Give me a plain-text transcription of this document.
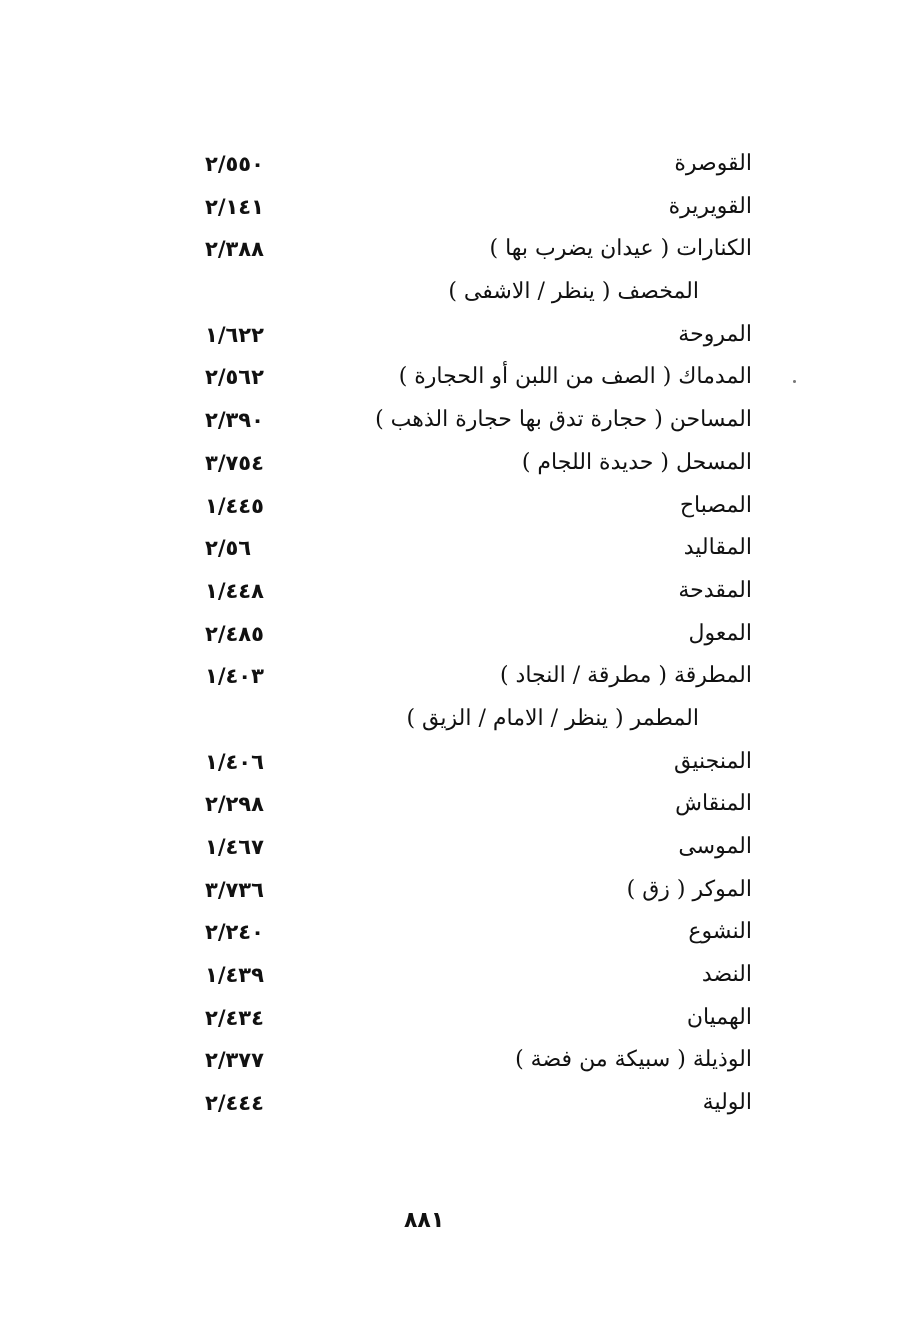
القوصرة
٢/٥٥٠
القويريرة
٢/١٤١
الكنارات ( عيدان يضرب بها )
٢/٣٨٨
المخصف ( ينظر / الاشفى )
المروحة
١/٦٢٢
المدماك ( الصف من اللبن أو الحجارة )
٢/٥٦٢
المساحن ( حجارة تدق بها حجارة الذهب )
٢/٣٩٠
المسحل ( حديدة اللجام )
٣/٧٥٤
المصباح
١/٤٤٥
المقاليد
٢/٥٦
المقدحة
١/٤٤٨
المعول
٢/٤٨٥
المطرقة ( مطرقة / النجاد )
١/٤٠٣
المطمر ( ينظر / الامام / الزيق )
المنجنيق
١/٤٠٦
المنقاش
٢/٢٩٨
الموسى
١/٤٦٧
الموكر ( زق )
٣/٧٣٦
النشوع
٢/٢٤٠
النضد
١/٤٣٩
الهميان
٢/٤٣٤
الوذيلة ( سبيكة من فضة )
٢/٣٧٧
الولية
٢/٤٤٤
٨٨١
